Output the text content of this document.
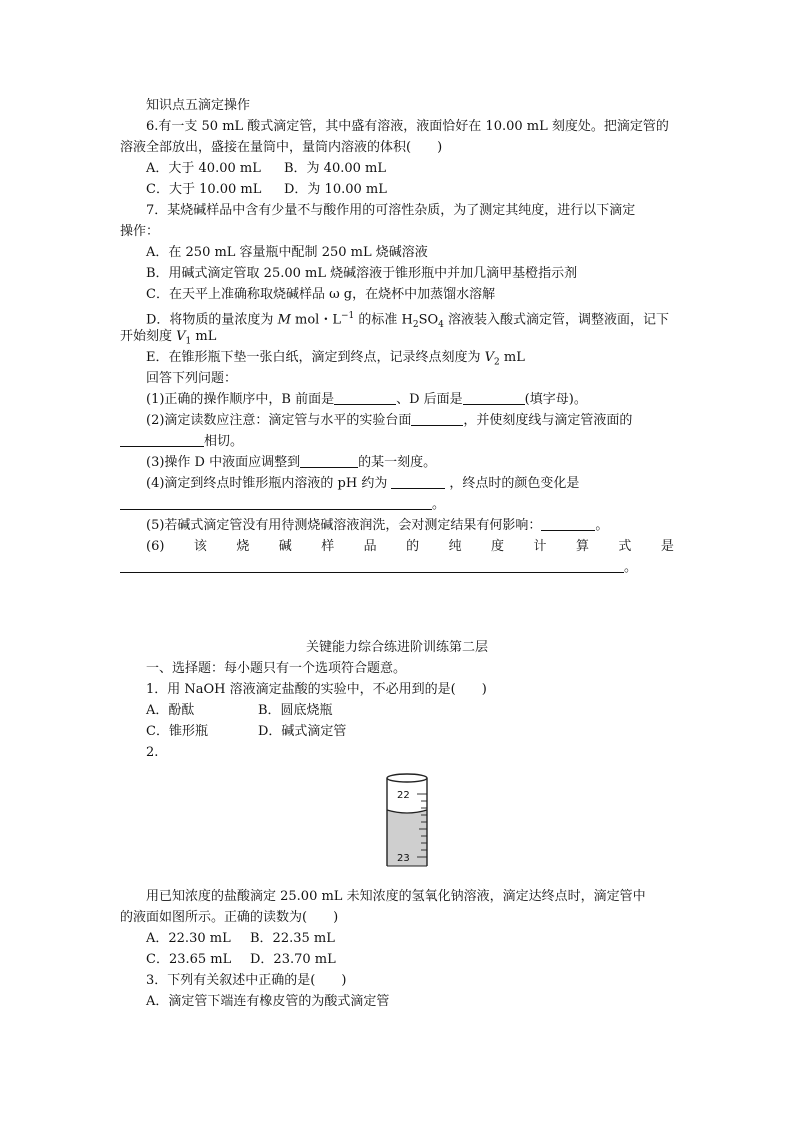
知识点五滴定操作
6.有一支 50 mL 酸式滴定管，其中盛有溶液，液面恰好在 10.00 mL 刻度处。把滴定管的
溶液全部放出，盛接在量筒中，量筒内溶液的体积(　　)
A．大于 40.00 mL B．为 40.00 mL
C．大于 10.00 mL D．为 10.00 mL
7．某烧碱样品中含有少量不与酸作用的可溶性杂质，为了测定其纯度，进行以下滴定
操作：
A．在 250 mL 容量瓶中配制 250 mL 烧碱溶液
B．用碱式滴定管取 25.00 mL 烧碱溶液于锥形瓶中并加几滴甲基橙指示剂
C．在天平上准确称取烧碱样品 ω g，在烧杯中加蒸馏水溶解
D．将物质的量浓度为 M mol・$L^{-1}$ 的标准 $H_2SO_4$ 溶液装入酸式滴定管，调整液面，记下
开始刻度 $V_1$ mL
E．在锥形瓶下垫一张白纸，滴定到终点，记录终点刻度为 $V_2$ mL
回答下列问题：
(1)正确的操作顺序中，B 前面是	、D 后面是	(填字母)。
(2)滴定读数应注意：滴定管与水平的实验台面	，并使刻度线与滴定管液面的
相切。
(3)操作 D 中液面应调整到	的某一刻度。
(4)滴定到终点时锥形瓶内溶液的 pH 约为	，终点时的颜色变化是
。
(5)若碱式滴定管没有用待测烧碱溶液润洗，会对测定结果有何影响：	。
(6) 该 烧 碱 样 品 的 纯 度 计 算 式 是
。
关键能力综合练进阶训练第二层
一、选择题：每小题只有一个选项符合题意。
1．用 NaOH 溶液滴定盐酸的实验中，不必用到的是(　　)
A．酚酞	B．圆底烧瓶
C．锥形瓶	D．碱式滴定管
2.
22
23
用已知浓度的盐酸滴定 25.00 mL 未知浓度的氢氧化钠溶液，滴定达终点时，滴定管中
的液面如图所示。正确的读数为(　　)
A．22.30 mL B．22.35 mL
C．23.65 mL D．23.70 mL
3．下列有关叙述中正确的是(　　)
A．滴定管下端连有橡皮管的为酸式滴定管
